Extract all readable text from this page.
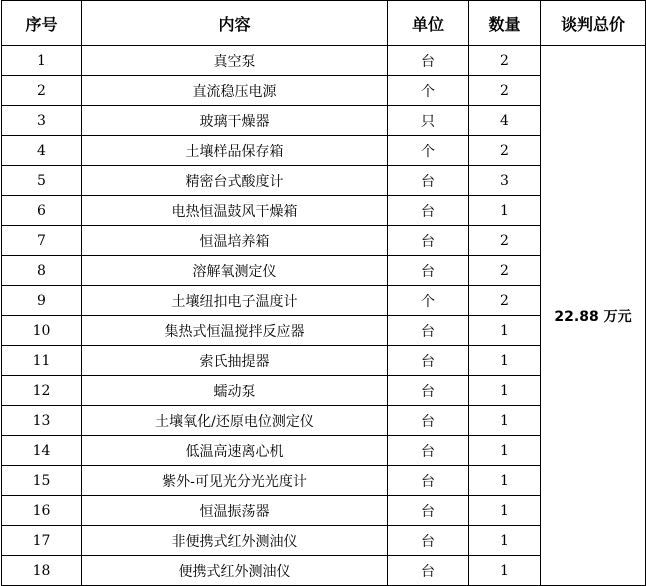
序号	内容	单位	数量	谈判总价
1	真空泵	台	2	22.88 万元
2	直流稳压电源	个	2	
3	玻璃干燥器	只	4	
4	土壤样品保存箱	个	2	
5	精密台式酸度计	台	3	
6	电热恒温鼓风干燥箱	台	1	
7	恒温培养箱	台	2	
8	溶解氧测定仪	台	2	
9	土壤纽扣电子温度计	个	2	
10	集热式恒温搅拌反应器	台	1	
11	索氏抽提器	台	1	
12	蠕动泵	台	1	
13	土壤氧化/还原电位测定仪	台	1	
14	低温高速离心机	台	1	
15	紫外-可见光分光光度计	台	1	
16	恒温振荡器	台	1	
17	非便携式红外测油仪	台	1	
18	便携式红外测油仪	台	1	
